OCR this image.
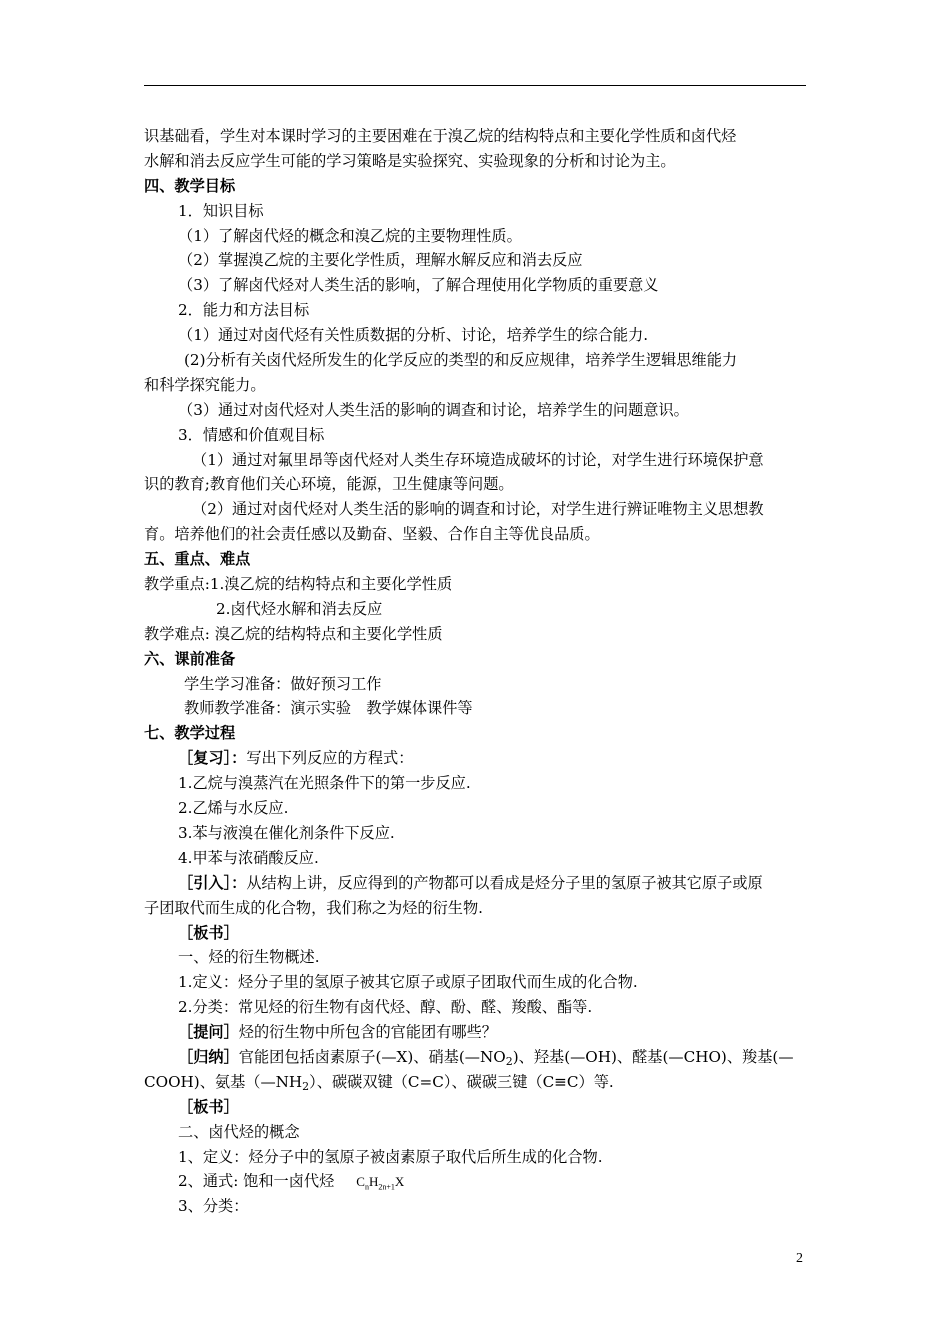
识基础看，学生对本课时学习的主要困难在于溴乙烷的结构特点和主要化学性质和卤代烃
水解和消去反应学生可能的学习策略是实验探究、实验现象的分析和讨论为主。
四、教学目标
1．知识目标
（1）了解卤代烃的概念和溴乙烷的主要物理性质。
（2）掌握溴乙烷的主要化学性质，理解水解反应和消去反应
（3）了解卤代烃对人类生活的影响，了解合理使用化学物质的重要意义
2．能力和方法目标
（1）通过对卤代烃有关性质数据的分析、讨论，培养学生的综合能力.
(2)分析有关卤代烃所发生的化学反应的类型的和反应规律，培养学生逻辑思维能力
和科学探究能力。
（3）通过对卤代烃对人类生活的影响的调查和讨论，培养学生的问题意识。
3．情感和价值观目标
（1）通过对氟里昂等卤代烃对人类生存环境造成破坏的讨论，对学生进行环境保护意
识的教育;教育他们关心环境，能源，卫生健康等问题。
（2）通过对卤代烃对人类生活的影响的调查和讨论，对学生进行辨证唯物主义思想教
育。培养他们的社会责任感以及勤奋、坚毅、合作自主等优良品质。
五、重点、难点
教学重点:1.溴乙烷的结构特点和主要化学性质
2.卤代烃水解和消去反应
教学难点: 溴乙烷的结构特点和主要化学性质
六、课前准备
学生学习准备：做好预习工作
教师教学准备：演示实验　教学媒体课件等
七、教学过程
［复习］：写出下列反应的方程式：
1.乙烷与溴蒸汽在光照条件下的第一步反应.
2.乙烯与水反应.
3.苯与液溴在催化剂条件下反应.
4.甲苯与浓硝酸反应.
［引入］：从结构上讲，反应得到的产物都可以看成是烃分子里的氢原子被其它原子或原
子团取代而生成的化合物，我们称之为烃的衍生物.
［板书］
一、烃的衍生物概述.
1.定义：烃分子里的氢原子被其它原子或原子团取代而生成的化合物.
2.分类：常见烃的衍生物有卤代烃、醇、酚、醛、羧酸、酯等.
［提问］烃的衍生物中所包含的官能团有哪些？
［归纳］官能团包括卤素原子(—X)、硝基$(—NO_2)$、羟基(—OH)、醛基(—CHO)、羧基(—
COOH)、氨基$(—NH_2)$、碳碳双键（C=C）、碳碳三键（C≡C）等.
［板书］
二、卤代烃的概念
1、定义：烃分子中的氢原子被卤素原子取代后所生成的化合物.
2、通式: 饱和一卤代烃 $C_nH_{2n+1}X$
3、分类：
2
